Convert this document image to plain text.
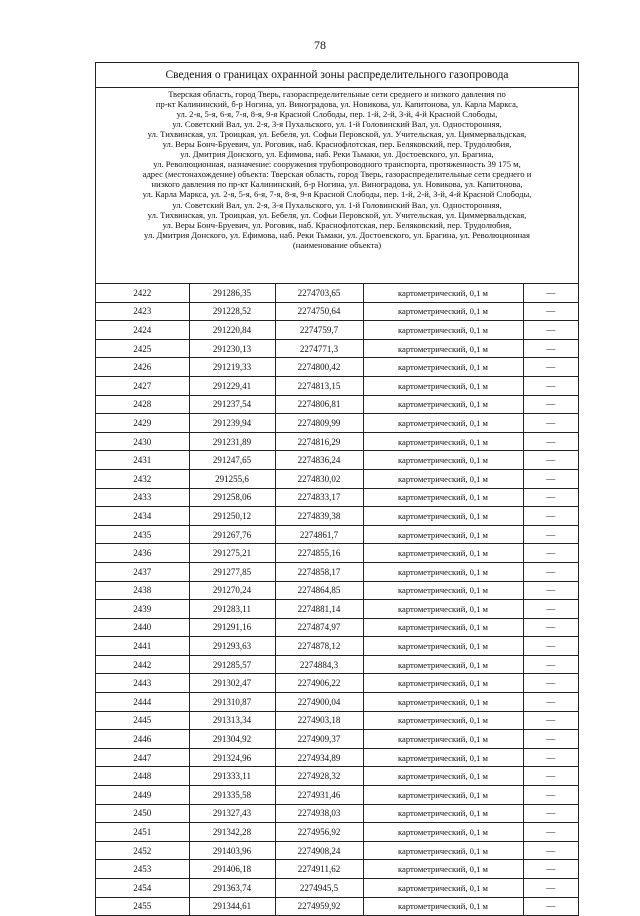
78
Сведения о границах охранной зоны распределительного газопровода
Тверская область, город Тверь, газораспределительные сети среднего и низкого давления по
пр-кт Калининский, б-р Ногина, ул. Виноградова, ул. Новикова, ул. Капитонова, ул. Карла Маркса,
ул. 2-я, 5-я, 6-я, 7-я, 8-я, 9-я Красной Слободы, пер. 1-й, 2-й, 3-й, 4-й Красной Слободы,
ул. Советский Вал, ул. 2-я, 3-я Пухальского, ул. 1-й Головинский Вал, ул. Односторонняя,
ул. Тихвинская, ул. Троицкая, ул. Бебеля, ул. Софьи Перовской, ул. Учительская, ул. Циммервальдская,
ул. Веры Бонч-Бруевич, ул. Роговик, наб. Краснофлотская, пер. Беляковский, пер. Трудолюбия,
ул. Дмитрия Донского, ул. Ефимова, наб. Реки Тьмаки, ул. Достоевского, ул. Брагина,
ул. Революционная, назначение: сооружения трубопроводного транспорта, протяженность 39 175 м,
адрес (местонахождение) объекта: Тверская область, город Тверь, газораспределительные сети среднего и
низкого давления по пр-кт Калининский, б-р Ногина, ул. Виноградова, ул. Новикова, ул. Капитонова,
ул. Карла Маркса, ул. 2-я, 5-я, 6-я, 7-я, 8-я, 9-я Красной Слободы, пер. 1-й, 2-й, 3-й, 4-й Красной Слободы,
ул. Советский Вал, ул. 2-я, 3-я Пухальского, ул. 1-й Головинский Вал, ул. Односторонняя,
ул. Тихвинская, ул. Троицкая, ул. Бебеля, ул. Софьи Перовской, ул. Учительская, ул. Циммервальдская,
ул. Веры Бонч-Бруевич, ул. Роговик, наб. Краснофлотская, пер. Беляковский, пер. Трудолюбия,
ул. Дмитрия Донского, ул. Ефимова, наб. Реки Тьмаки, ул. Достоевского, ул. Брагина, ул. Революционная
(наименование объекта)
2422	291286,35	2274703,65	картометрический, 0,1 м	—
2423	291228,52	2274750,64	картометрический, 0,1 м	—
2424	291220,84	2274759,7	картометрический, 0,1 м	—
2425	291230,13	2274771,3	картометрический, 0,1 м	—
2426	291219,33	2274800,42	картометрический, 0,1 м	—
2427	291229,41	2274813,15	картометрический, 0,1 м	—
2428	291237,54	2274806,81	картометрический, 0,1 м	—
2429	291239,94	2274809,99	картометрический, 0,1 м	—
2430	291231,89	2274816,29	картометрический, 0,1 м	—
2431	291247,65	2274836,24	картометрический, 0,1 м	—
2432	291255,6	2274830,02	картометрический, 0,1 м	—
2433	291258,06	2274833,17	картометрический, 0,1 м	—
2434	291250,12	2274839,38	картометрический, 0,1 м	—
2435	291267,76	2274861,7	картометрический, 0,1 м	—
2436	291275,21	2274855,16	картометрический, 0,1 м	—
2437	291277,85	2274858,17	картометрический, 0,1 м	—
2438	291270,24	2274864,85	картометрический, 0,1 м	—
2439	291283,11	2274881,14	картометрический, 0,1 м	—
2440	291291,16	2274874,97	картометрический, 0,1 м	—
2441	291293,63	2274878,12	картометрический, 0,1 м	—
2442	291285,57	2274884,3	картометрический, 0,1 м	—
2443	291302,47	2274906,22	картометрический, 0,1 м	—
2444	291310,87	2274900,04	картометрический, 0,1 м	—
2445	291313,34	2274903,18	картометрический, 0,1 м	—
2446	291304,92	2274909,37	картометрический, 0,1 м	—
2447	291324,96	2274934,89	картометрический, 0,1 м	—
2448	291333,11	2274928,32	картометрический, 0,1 м	—
2449	291335,58	2274931,46	картометрический, 0,1 м	—
2450	291327,43	2274938,03	картометрический, 0,1 м	—
2451	291342,28	2274956,92	картометрический, 0,1 м	—
2452	291403,96	2274908,24	картометрический, 0,1 м	—
2453	291406,18	2274911,62	картометрический, 0,1 м	—
2454	291363,74	2274945,5	картометрический, 0,1 м	—
2455	291344,61	2274959,92	картометрический, 0,1 м	—
